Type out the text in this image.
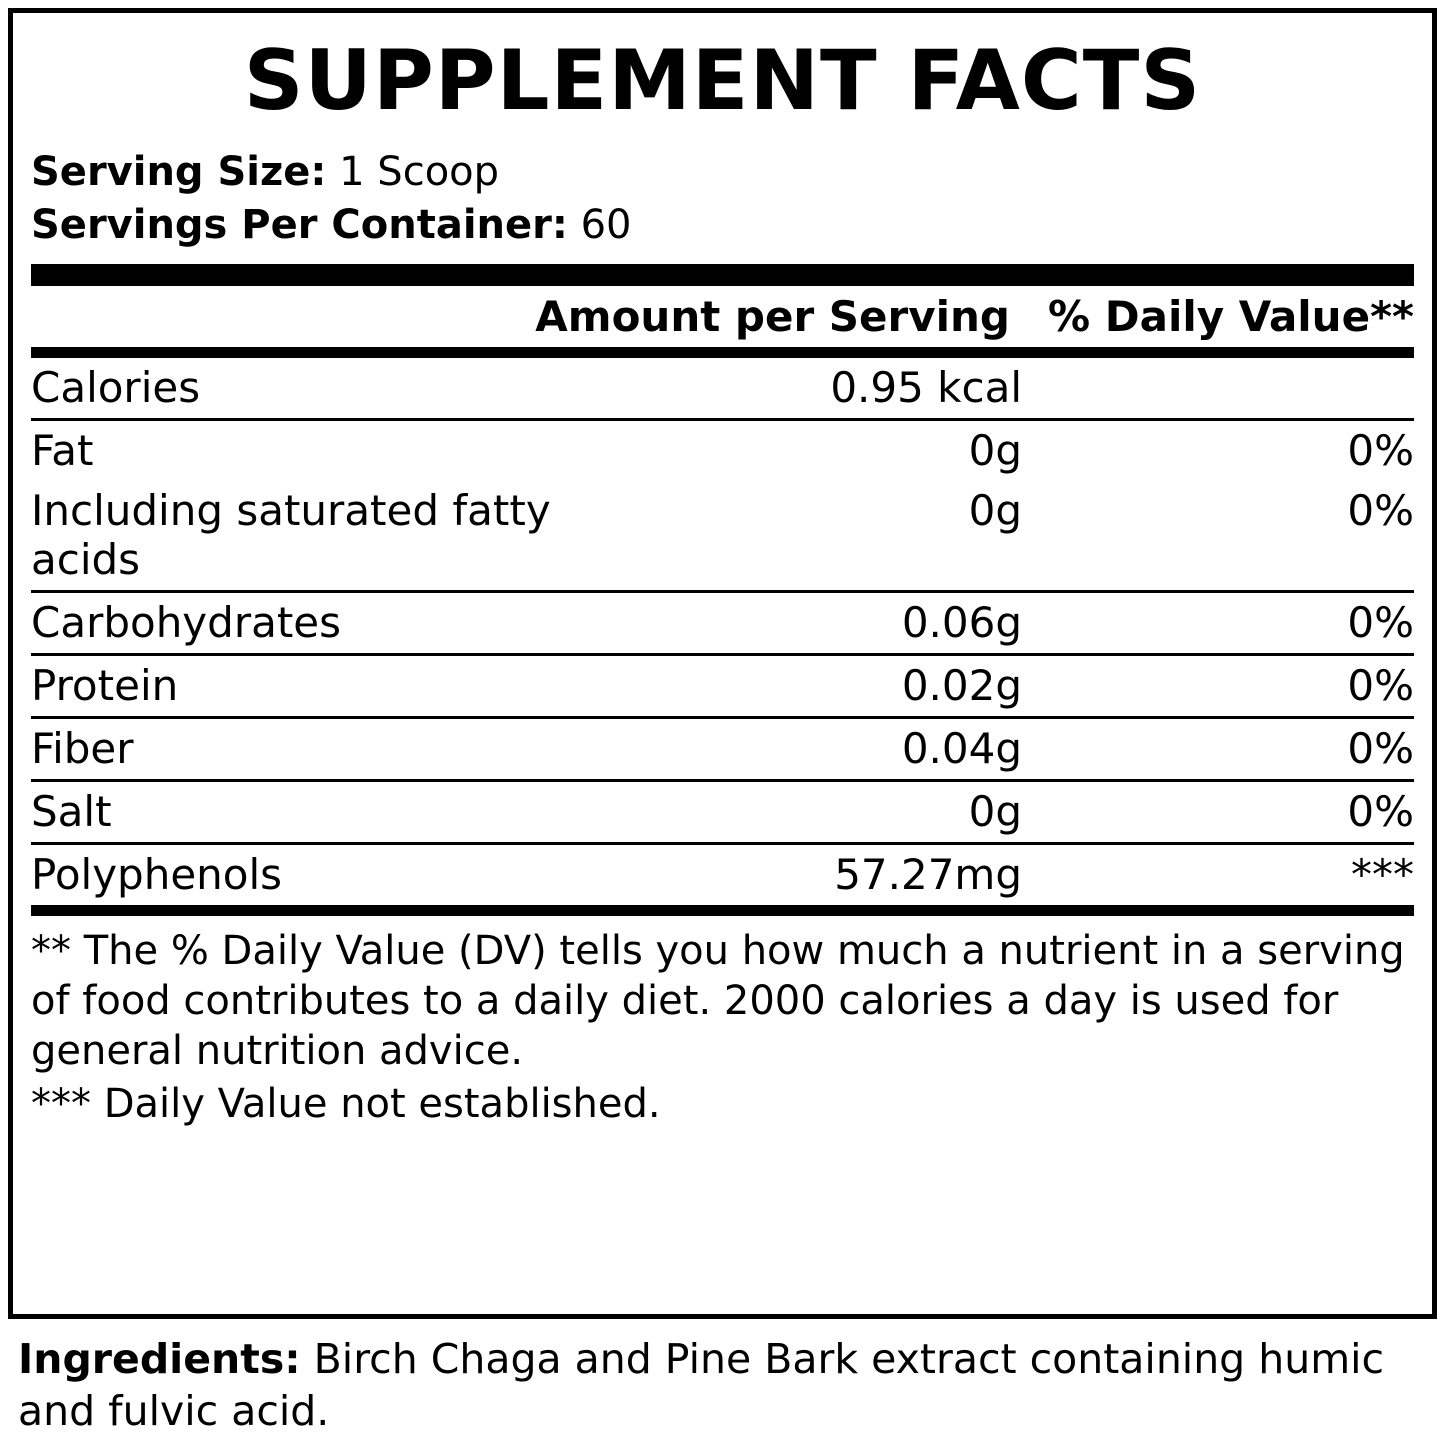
SUPPLEMENT FACTS
Serving Size: 1 Scoop
Servings Per Container: 60
Amount per Serving % Daily Value**
Calories	0.95 kcal	
Fat	0g	0%
Including saturated fatty acids	0g	0%
Carbohydrates	0.06g	0%
Protein	0.02g	0%
Fiber	0.04g	0%
Salt	0g	0%
Polyphenols	57.27mg	***
** The % Daily Value (DV) tells you how much a nutrient in a serving of food contributes to a daily diet. 2000 calories a day is used for general nutrition advice.
*** Daily Value not established.
Ingredients: Birch Chaga and Pine Bark extract containing humic and fulvic acid.
